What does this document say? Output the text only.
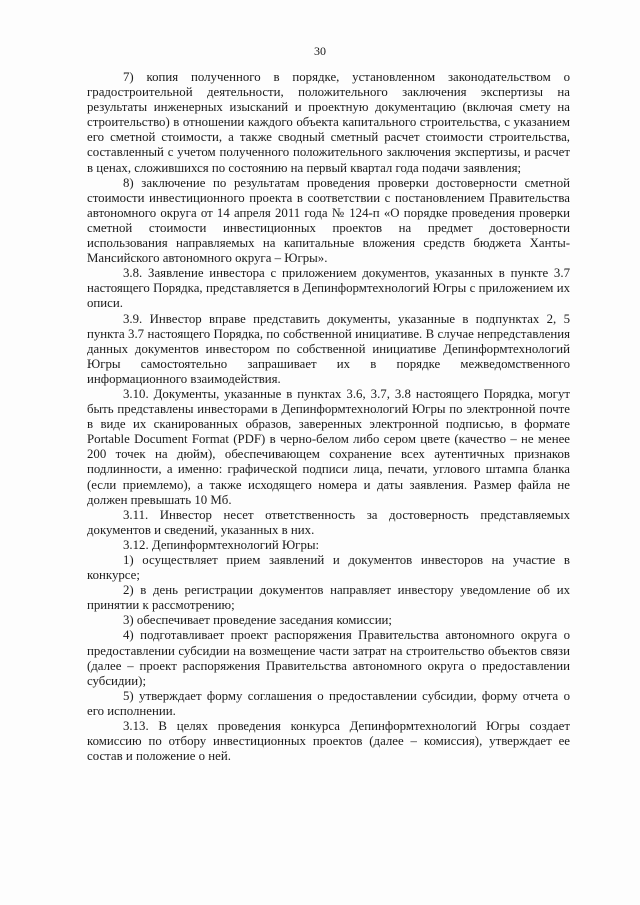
30

7) копия полученного в порядке, установленном законодательством о градостроительной деятельности, положительного заключения экспертизы на результаты инженерных изысканий и проектную документацию (включая смету на строительство) в отношении каждого объекта капитального строительства, с указанием его сметной стоимости, а также сводный сметный расчет стоимости строительства, составленный с учетом полученного положительного заключения экспертизы, и расчет в ценах, сложившихся по состоянию на первый квартал года подачи заявления;

8) заключение по результатам проведения проверки достоверности сметной стоимости инвестиционного проекта в соответствии с постановлением Правительства автономного округа от 14 апреля 2011 года № 124-п «О порядке проведения проверки сметной стоимости инвестиционных проектов на предмет достоверности использования направляемых на капитальные вложения средств бюджета Ханты-Мансийского автономного округа – Югры».

3.8. Заявление инвестора с приложением документов, указанных в пункте 3.7 настоящего Порядка, представляется в Депинформтехнологий Югры с приложением их описи.

3.9. Инвестор вправе представить документы, указанные в подпунктах 2, 5 пункта 3.7 настоящего Порядка, по собственной инициативе. В случае непредставления данных документов инвестором по собственной инициативе Депинформтехнологий Югры самостоятельно запрашивает их в порядке межведомственного информационного взаимодействия.

3.10. Документы, указанные в пунктах 3.6, 3.7, 3.8 настоящего Порядка, могут быть представлены инвесторами в Депинформтехнологий Югры по электронной почте в виде их сканированных образов, заверенных электронной подписью, в формате Portable Document Format (PDF) в черно-белом либо сером цвете (качество – не менее 200 точек на дюйм), обеспечивающем сохранение всех аутентичных признаков подлинности, а именно: графической подписи лица, печати, углового штампа бланка (если приемлемо), а также исходящего номера и даты заявления. Размер файла не должен превышать 10 Мб.

3.11. Инвестор несет ответственность за достоверность представляемых документов и сведений, указанных в них.

3.12. Депинформтехнологий Югры:

1) осуществляет прием заявлений и документов инвесторов на участие в конкурсе;

2) в день регистрации документов направляет инвестору уведомление об их принятии к рассмотрению;

3) обеспечивает проведение заседания комиссии;

4) подготавливает проект распоряжения Правительства автономного округа о предоставлении субсидии на возмещение части затрат на строительство объектов связи (далее – проект распоряжения Правительства автономного округа о предоставлении субсидии);

5) утверждает форму соглашения о предоставлении субсидии, форму отчета о его исполнении.

3.13. В целях проведения конкурса Депинформтехнологий Югры создает комиссию по отбору инвестиционных проектов (далее – комиссия), утверждает ее состав и положение о ней.
